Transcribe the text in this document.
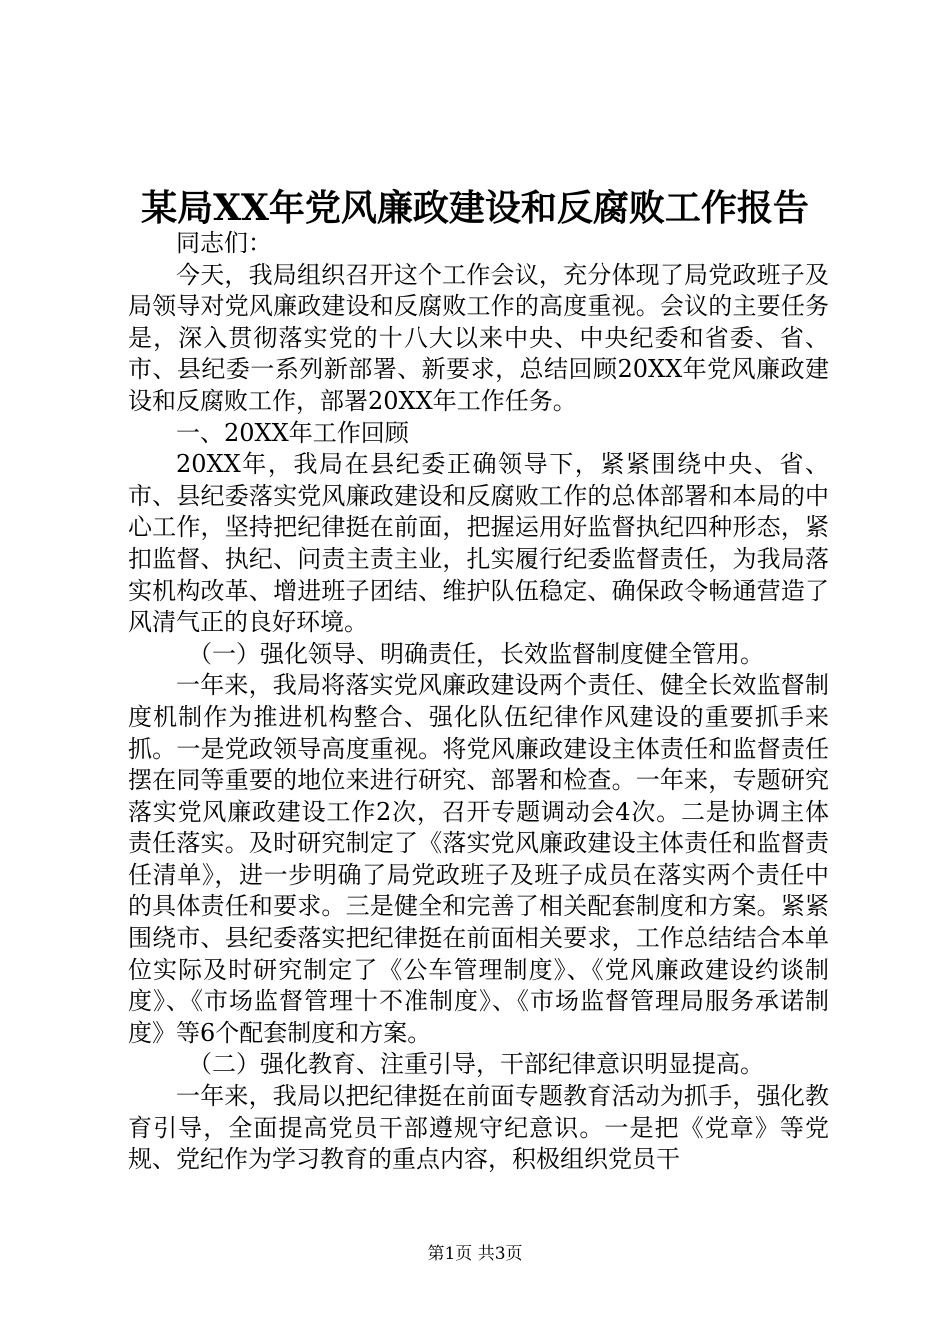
某局XX年党风廉政建设和反腐败工作报告

同志们：

今天，我局组织召开这个工作会议，充分体现了局党政班子及局领导对党风廉政建设和反腐败工作的高度重视。会议的主要任务是，深入贯彻落实党的十八大以来中央、中央纪委和省委、省、市、县纪委一系列新部署、新要求，总结回顾20XX年党风廉政建设和反腐败工作，部署20XX年工作任务。

一、20XX年工作回顾

20XX年，我局在县纪委正确领导下，紧紧围绕中央、省、市、县纪委落实党风廉政建设和反腐败工作的总体部署和本局的中心工作，坚持把纪律挺在前面，把握运用好监督执纪四种形态，紧扣监督、执纪、问责主责主业，扎实履行纪委监督责任，为我局落实机构改革、增进班子团结、维护队伍稳定、确保政令畅通营造了风清气正的良好环境。

（一）强化领导、明确责任，长效监督制度健全管用。

一年来，我局将落实党风廉政建设两个责任、健全长效监督制度机制作为推进机构整合、强化队伍纪律作风建设的重要抓手来抓。一是党政领导高度重视。将党风廉政建设主体责任和监督责任摆在同等重要的地位来进行研究、部署和检查。一年来，专题研究落实党风廉政建设工作2次，召开专题调动会4次。二是协调主体责任落实。及时研究制定了《落实党风廉政建设主体责任和监督责任清单》，进一步明确了局党政班子及班子成员在落实两个责任中的具体责任和要求。三是健全和完善了相关配套制度和方案。紧紧围绕市、县纪委落实把纪律挺在前面相关要求，工作总结结合本单位实际及时研究制定了《公车管理制度》、《党风廉政建设约谈制度》、《市场监督管理十不准制度》、《市场监督管理局服务承诺制度》等6个配套制度和方案。

（二）强化教育、注重引导，干部纪律意识明显提高。

一年来，我局以把纪律挺在前面专题教育活动为抓手，强化教育引导，全面提高党员干部遵规守纪意识。一是把《党章》等党规、党纪作为学习教育的重点内容，积极组织党员干

第1页 共3页
